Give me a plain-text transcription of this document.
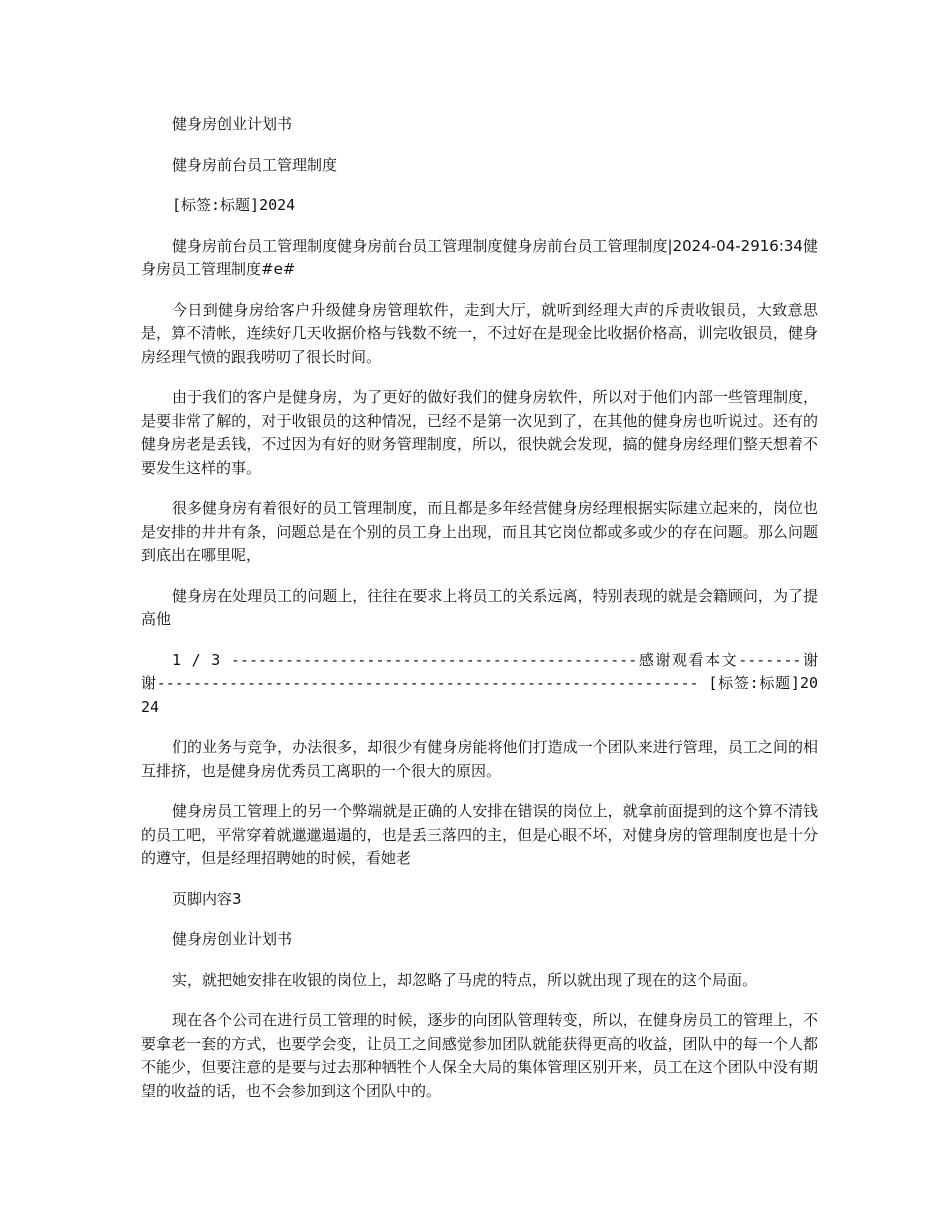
健身房创业计划书

健身房前台员工管理制度

[标签:标题]2024

健身房前台员工管理制度健身房前台员工管理制度健身房前台员工管理制度|2024-04-2916:34健身房员工管理制度#e#

今日到健身房给客户升级健身房管理软件，走到大厅，就听到经理大声的斥责收银员，大致意思是，算不清帐，连续好几天收据价格与钱数不统一，不过好在是现金比收据价格高，训完收银员，健身房经理气愤的跟我唠叨了很长时间。

由于我们的客户是健身房，为了更好的做好我们的健身房软件，所以对于他们内部一些管理制度，是要非常了解的，对于收银员的这种情况，已经不是第一次见到了，在其他的健身房也听说过。还有的健身房老是丢钱，不过因为有好的财务管理制度，所以，很快就会发现，搞的健身房经理们整天想着不要发生这样的事。

很多健身房有着很好的员工管理制度，而且都是多年经营健身房经理根据实际建立起来的，岗位也是安排的井井有条，问题总是在个别的员工身上出现，而且其它岗位都或多或少的存在问题。那么问题到底出在哪里呢，

健身房在处理员工的问题上，往往在要求上将员工的关系远离，特别表现的就是会籍顾问，为了提高他

1 / 3 ---------------------------------------------感谢观看本文-------谢谢------------------------------------------------------------ [标签:标题]2024

们的业务与竞争，办法很多，却很少有健身房能将他们打造成一个团队来进行管理，员工之间的相互排挤，也是健身房优秀员工离职的一个很大的原因。

健身房员工管理上的另一个弊端就是正确的人安排在错误的岗位上，就拿前面提到的这个算不清钱的员工吧，平常穿着就邋邋遢遢的，也是丢三落四的主，但是心眼不坏，对健身房的管理制度也是十分的遵守，但是经理招聘她的时候，看她老

页脚内容3

健身房创业计划书

实，就把她安排在收银的岗位上，却忽略了马虎的特点，所以就出现了现在的这个局面。

现在各个公司在进行员工管理的时候，逐步的向团队管理转变，所以，在健身房员工的管理上，不要拿老一套的方式，也要学会变，让员工之间感觉参加团队就能获得更高的收益，团队中的每一个人都不能少，但要注意的是要与过去那种牺牲个人保全大局的集体管理区别开来，员工在这个团队中没有期望的收益的话，也不会参加到这个团队中的。
